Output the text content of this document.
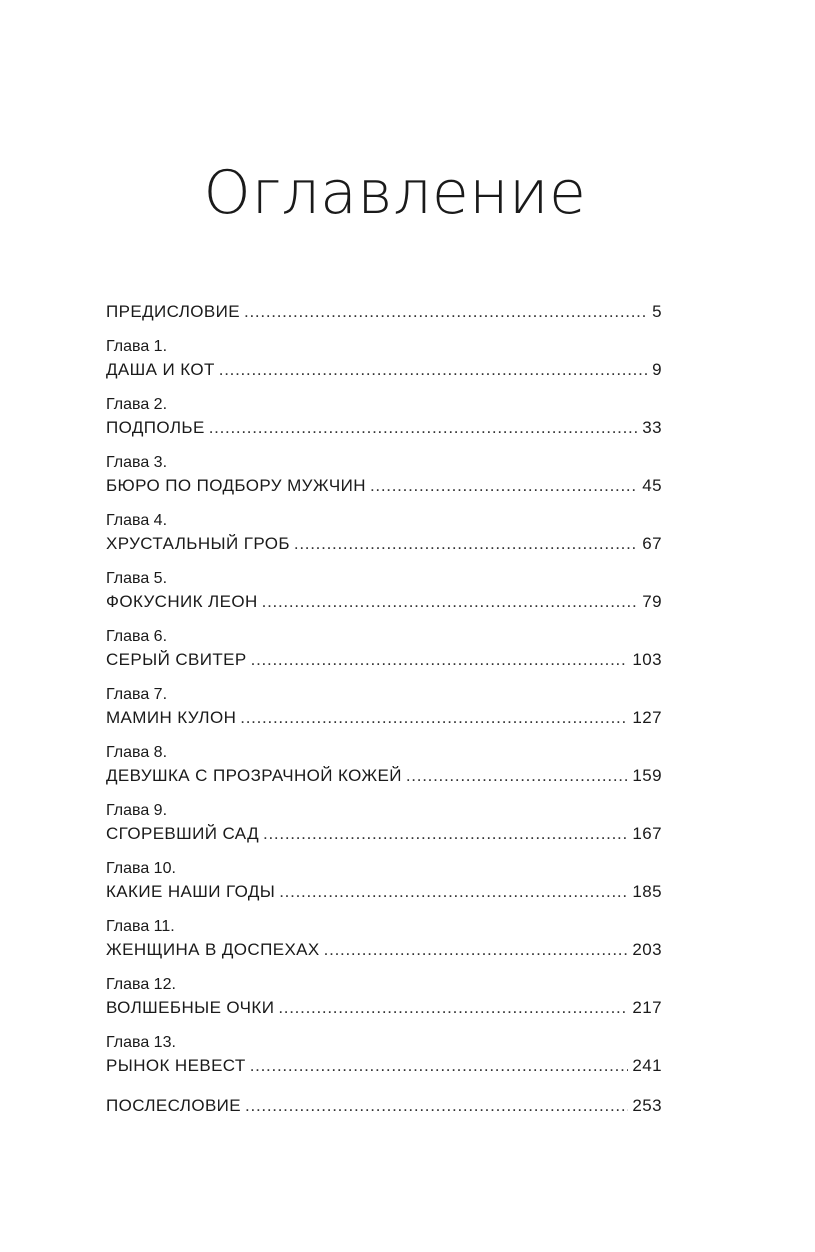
Оглавление
ПРЕДИСЛОВИЕ . . .	5
Глава 1.
ДАША И КОТ . . .	9
Глава 2.
ПОДПОЛЬЕ . . .	33
Глава 3.
БЮРО ПО ПОДБОРУ МУЖЧИН . . .	45
Глава 4.
ХРУСТАЛЬНЫЙ ГРОБ . . .	67
Глава 5.
ФОКУСНИК ЛЕОН . . .	79
Глава 6.
СЕРЫЙ СВИТЕР . . .	103
Глава 7.
МАМИН КУЛОН . . .	127
Глава 8.
ДЕВУШКА С ПРОЗРАЧНОЙ КОЖЕЙ . . .	159
Глава 9.
СГОРЕВШИЙ САД . . .	167
Глава 10.
КАКИЕ НАШИ ГОДЫ . . .	185
Глава 11.
ЖЕНЩИНА В ДОСПЕХАХ . . .	203
Глава 12.
ВОЛШЕБНЫЕ ОЧКИ . . .	217
Глава 13.
РЫНОК НЕВЕСТ . . .	241
ПОСЛЕСЛОВИЕ . . .	253
